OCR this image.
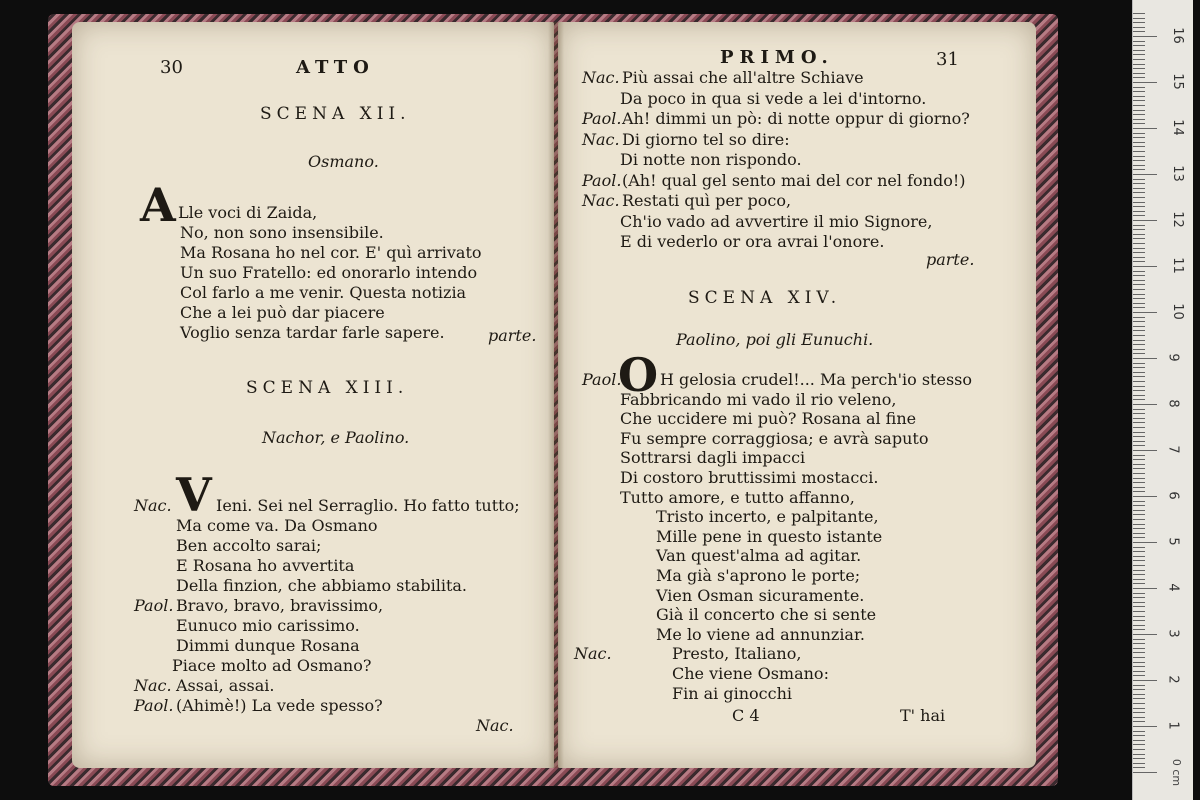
30	ATTO
SCENA XII.
Osmano.
A Lle voci di Zaida,
No, non sono insensibile.
Ma Rosana ho nel cor. E' quì arrivato
Un suo Fratello: ed onorarlo intendo
Col farlo a me venir. Questa notizia
Che a lei può dar piacere
Voglio senza tardar farle sapere.	parte.
SCENA XIII.
Nachor, e Paolino.
V
Nac.	Ieni. Sei nel Serraglio. Ho fatto tutto;
Ma come va. Da Osmano
Ben accolto sarai;
E Rosana ho avvertita
Della finzion, che abbiamo stabilita.
Paol. Bravo, bravo, bravissimo,
Eunuco mio carissimo.
Dimmi dunque Rosana
Piace molto ad Osmano?
Nac. Assai, assai.
Paol. (Ahimè!) La vede spesso?
Nac.
PRIMO.	31
Nac. Più assai che all'altre Schiave
Da poco in qua si vede a lei d'intorno.
Paol. Ah! dimmi un pò: di notte oppur di giorno?
Nac. Di giorno tel so dire:
Di notte non rispondo.
Paol. (Ah! qual gel sento mai del cor nel fondo!)
Nac. Restati quì per poco,
Ch'io vado ad avvertire il mio Signore,
E di vederlo or ora avrai l'onore.
parte.
SCENA XIV.
Paolino, poi gli Eunuchi.
O
Paol. H gelosia crudel!... Ma perch'io stesso
Fabbricando mi vado il rio veleno,
Che uccidere mi può? Rosana al fine
Fu sempre corraggiosa; e avrà saputo
Sottrarsi dagli impacci
Di costoro bruttissimi mostacci.
Tutto amore, e tutto affanno,
Tristo incerto, e palpitante,
Mille pene in questo istante
Van quest'alma ad agitar.
Ma già s'aprono le porte;
Vien Osman sicuramente.
Già il concerto che si sente
Me lo viene ad annunziar.
Nac.	Presto, Italiano,
Che viene Osmano:
Fin ai ginocchi
C 4	T' hai
1
2
3
4
5
6
7
8
9
10
11
12
13
14
15
16
0 cm
